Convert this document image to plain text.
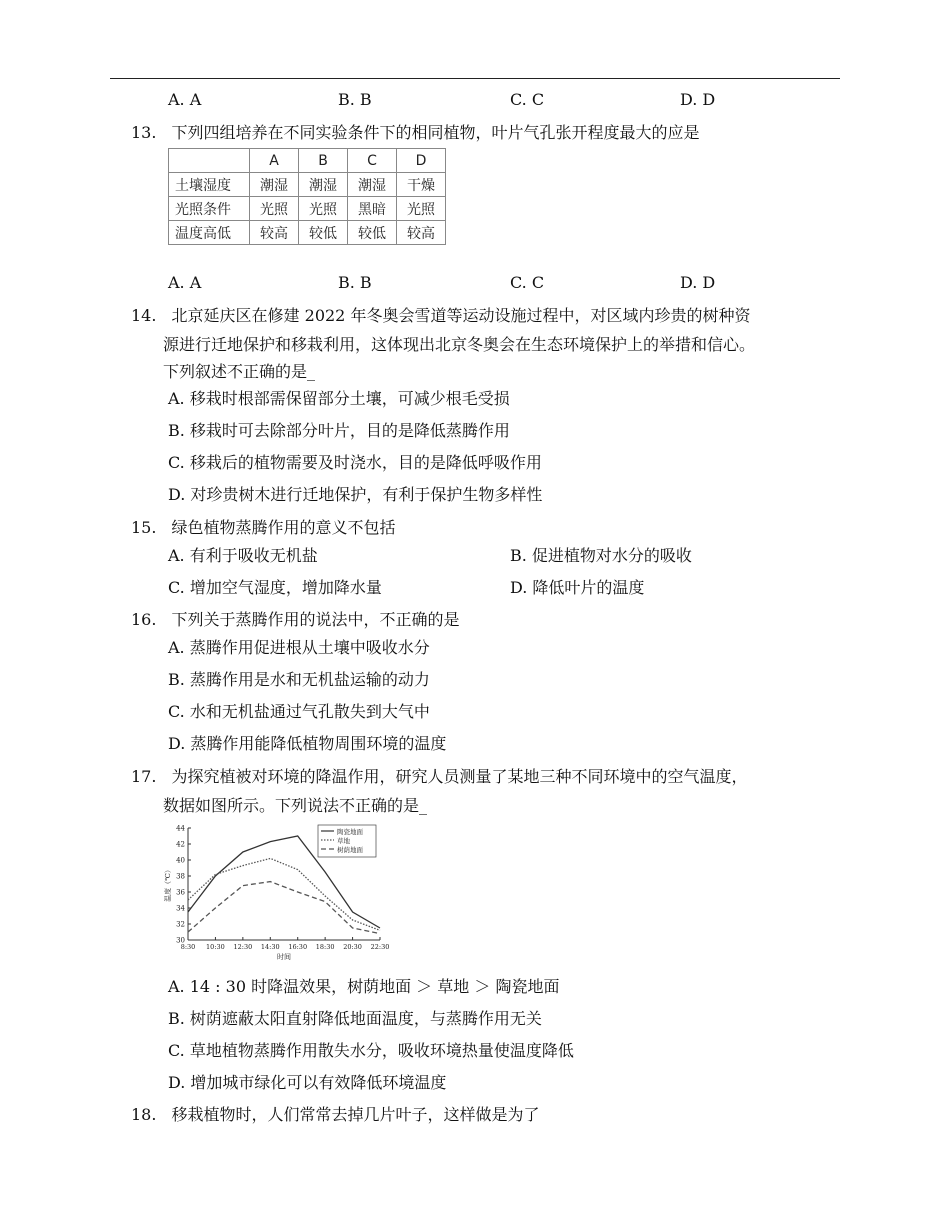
A. A	B. B	C. C	D. D
13. 下列四组培养在不同实验条件下的相同植物，叶片气孔张开程度最大的应是
	A	B	C	D
土壤湿度	潮湿	潮湿	潮湿	干燥
光照条件	光照	光照	黑暗	光照
温度高低	较高	较低	较低	较高
A. A	B. B	C. C	D. D
14. 北京延庆区在修建 2022 年冬奥会雪道等运动设施过程中，对区域内珍贵的树种资
源进行迁地保护和移栽利用，这体现出北京冬奥会在生态环境保护上的举措和信心。
下列叙述不正确的是_
A. 移栽时根部需保留部分土壤，可减少根毛受损
B. 移栽时可去除部分叶片，目的是降低蒸腾作用
C. 移栽后的植物需要及时浇水，目的是降低呼吸作用
D. 对珍贵树木进行迁地保护，有利于保护生物多样性
15. 绿色植物蒸腾作用的意义不包括
A. 有利于吸收无机盐	B. 促进植物对水分的吸收
C. 增加空气湿度，增加降水量	D. 降低叶片的温度
16. 下列关于蒸腾作用的说法中，不正确的是
A. 蒸腾作用促进根从土壤中吸收水分
B. 蒸腾作用是水和无机盐运输的动力
C. 水和无机盐通过气孔散失到大气中
D. 蒸腾作用能降低植物周围环境的温度
17. 为探究植被对环境的降温作用，研究人员测量了某地三种不同环境中的空气温度，
数据如图所示。下列说法不正确的是_
30
32
34
36
38
40
42
44
8:30 10:30 12:30 14:30 16:30 18:30 20:30 22:30
时间
温度（℃）
陶瓷地面
草地
树荫地面
A. 14 : 30 时降温效果，树荫地面 ＞ 草地 ＞ 陶瓷地面
B. 树荫遮蔽太阳直射降低地面温度，与蒸腾作用无关
C. 草地植物蒸腾作用散失水分，吸收环境热量使温度降低
D. 增加城市绿化可以有效降低环境温度
18. 移栽植物时，人们常常去掉几片叶子，这样做是为了
